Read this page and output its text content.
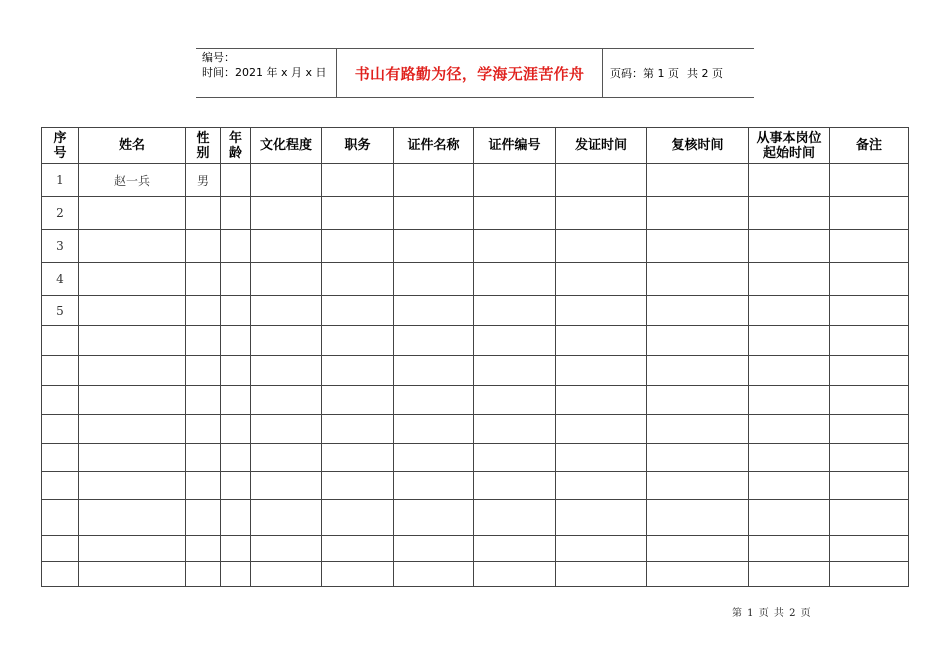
编号：
时间：2021 年 x 月 x 日	书山有路勤为径，学海无涯苦作舟	页码：第 1 页 共 2 页
序号	姓名	性别	年龄	文化程度	职务	证件名称	证件编号	发证时间	复核时间	从事本岗位起始时间	备注
1	赵一兵	男									
2											
3											
4											
5											

第 1 页 共 2 页
